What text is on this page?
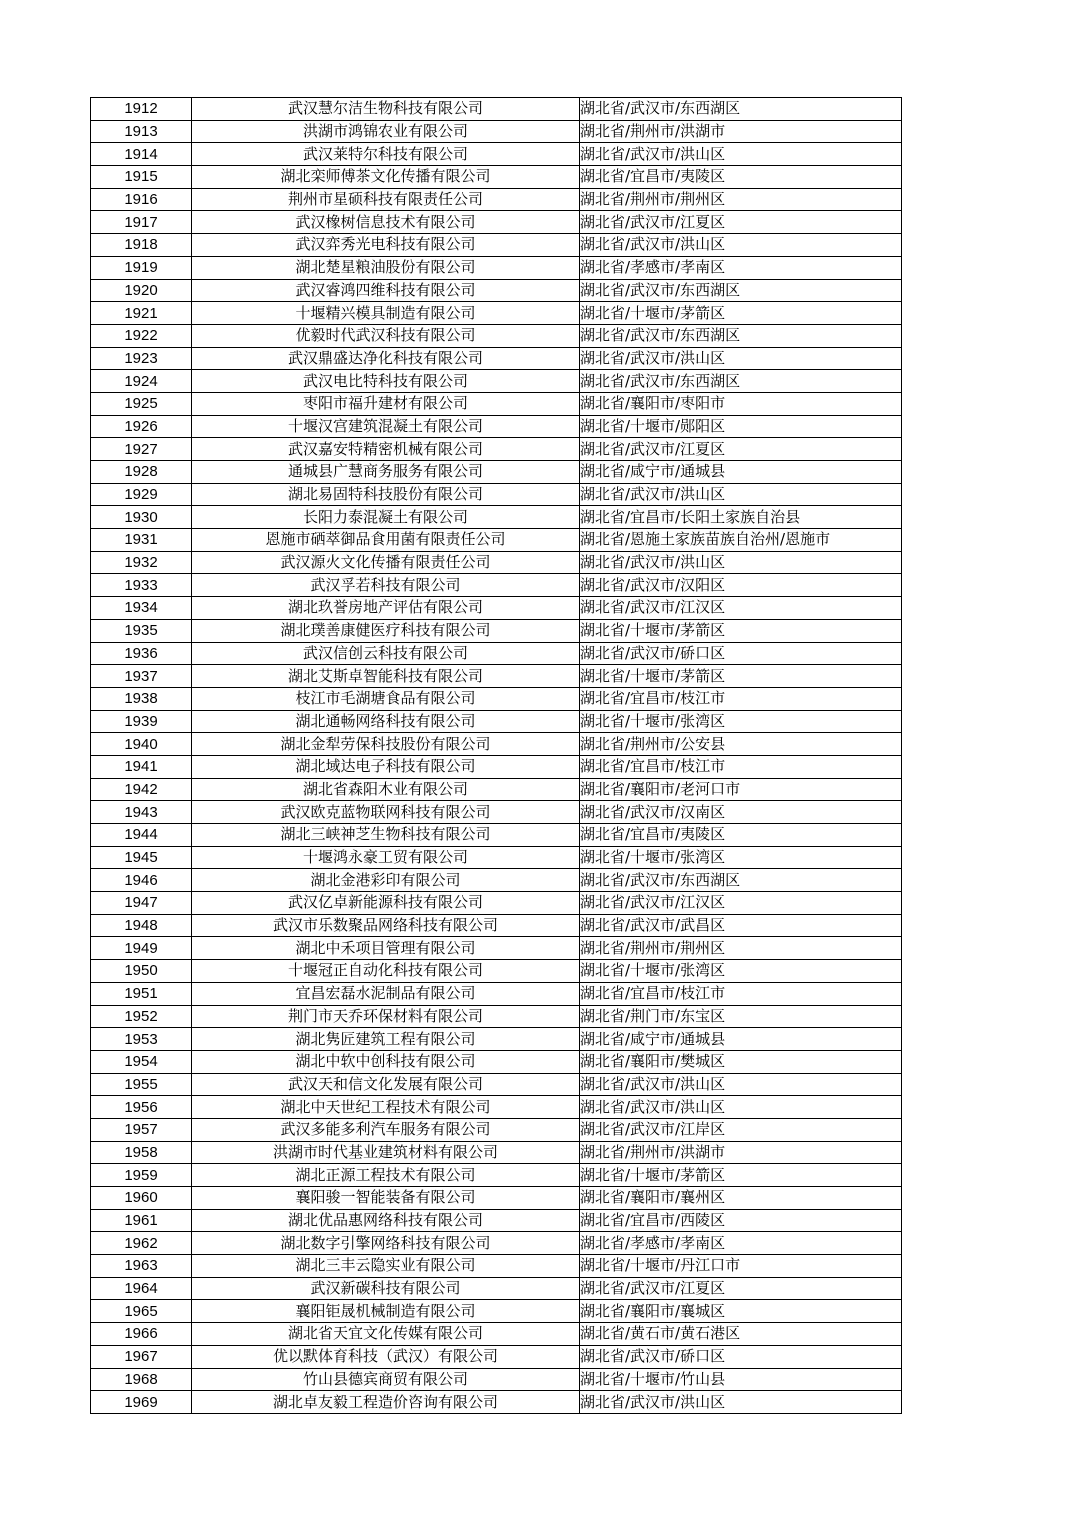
1912	武汉慧尔洁生物科技有限公司	湖北省/武汉市/东西湖区
1913	洪湖市鸿锦农业有限公司	湖北省/荆州市/洪湖市
1914	武汉莱特尔科技有限公司	湖北省/武汉市/洪山区
1915	湖北栾师傅茶文化传播有限公司	湖北省/宜昌市/夷陵区
1916	荆州市星硕科技有限责任公司	湖北省/荆州市/荆州区
1917	武汉橡树信息技术有限公司	湖北省/武汉市/江夏区
1918	武汉弈秀光电科技有限公司	湖北省/武汉市/洪山区
1919	湖北楚星粮油股份有限公司	湖北省/孝感市/孝南区
1920	武汉睿鸿四维科技有限公司	湖北省/武汉市/东西湖区
1921	十堰精兴模具制造有限公司	湖北省/十堰市/茅箭区
1922	优毅时代武汉科技有限公司	湖北省/武汉市/东西湖区
1923	武汉鼎盛达净化科技有限公司	湖北省/武汉市/洪山区
1924	武汉电比特科技有限公司	湖北省/武汉市/东西湖区
1925	枣阳市福升建材有限公司	湖北省/襄阳市/枣阳市
1926	十堰汉宫建筑混凝土有限公司	湖北省/十堰市/郧阳区
1927	武汉嘉安特精密机械有限公司	湖北省/武汉市/江夏区
1928	通城县广慧商务服务有限公司	湖北省/咸宁市/通城县
1929	湖北易固特科技股份有限公司	湖北省/武汉市/洪山区
1930	长阳力泰混凝土有限公司	湖北省/宜昌市/长阳土家族自治县
1931	恩施市硒萃御品食用菌有限责任公司	湖北省/恩施土家族苗族自治州/恩施市
1932	武汉源火文化传播有限责任公司	湖北省/武汉市/洪山区
1933	武汉孚若科技有限公司	湖北省/武汉市/汉阳区
1934	湖北玖誉房地产评估有限公司	湖北省/武汉市/江汉区
1935	湖北璞善康健医疗科技有限公司	湖北省/十堰市/茅箭区
1936	武汉信创云科技有限公司	湖北省/武汉市/硚口区
1937	湖北艾斯卓智能科技有限公司	湖北省/十堰市/茅箭区
1938	枝江市毛湖塘食品有限公司	湖北省/宜昌市/枝江市
1939	湖北通畅网络科技有限公司	湖北省/十堰市/张湾区
1940	湖北金犁劳保科技股份有限公司	湖北省/荆州市/公安县
1941	湖北域达电子科技有限公司	湖北省/宜昌市/枝江市
1942	湖北省森阳木业有限公司	湖北省/襄阳市/老河口市
1943	武汉欧克蓝物联网科技有限公司	湖北省/武汉市/汉南区
1944	湖北三峡神芝生物科技有限公司	湖北省/宜昌市/夷陵区
1945	十堰鸿永豪工贸有限公司	湖北省/十堰市/张湾区
1946	湖北金港彩印有限公司	湖北省/武汉市/东西湖区
1947	武汉亿卓新能源科技有限公司	湖北省/武汉市/江汉区
1948	武汉市乐数聚品网络科技有限公司	湖北省/武汉市/武昌区
1949	湖北中禾项目管理有限公司	湖北省/荆州市/荆州区
1950	十堰冠正自动化科技有限公司	湖北省/十堰市/张湾区
1951	宜昌宏磊水泥制品有限公司	湖北省/宜昌市/枝江市
1952	荆门市天乔环保材料有限公司	湖北省/荆门市/东宝区
1953	湖北隽匠建筑工程有限公司	湖北省/咸宁市/通城县
1954	湖北中软中创科技有限公司	湖北省/襄阳市/樊城区
1955	武汉天和信文化发展有限公司	湖北省/武汉市/洪山区
1956	湖北中天世纪工程技术有限公司	湖北省/武汉市/洪山区
1957	武汉多能多利汽车服务有限公司	湖北省/武汉市/江岸区
1958	洪湖市时代基业建筑材料有限公司	湖北省/荆州市/洪湖市
1959	湖北正源工程技术有限公司	湖北省/十堰市/茅箭区
1960	襄阳骏一智能装备有限公司	湖北省/襄阳市/襄州区
1961	湖北优品惠网络科技有限公司	湖北省/宜昌市/西陵区
1962	湖北数字引擎网络科技有限公司	湖北省/孝感市/孝南区
1963	湖北三丰云隐实业有限公司	湖北省/十堰市/丹江口市
1964	武汉新碳科技有限公司	湖北省/武汉市/江夏区
1965	襄阳钜晟机械制造有限公司	湖北省/襄阳市/襄城区
1966	湖北省天宜文化传媒有限公司	湖北省/黄石市/黄石港区
1967	优以默体育科技（武汉）有限公司	湖北省/武汉市/硚口区
1968	竹山县德宾商贸有限公司	湖北省/十堰市/竹山县
1969	湖北卓友毅工程造价咨询有限公司	湖北省/武汉市/洪山区
